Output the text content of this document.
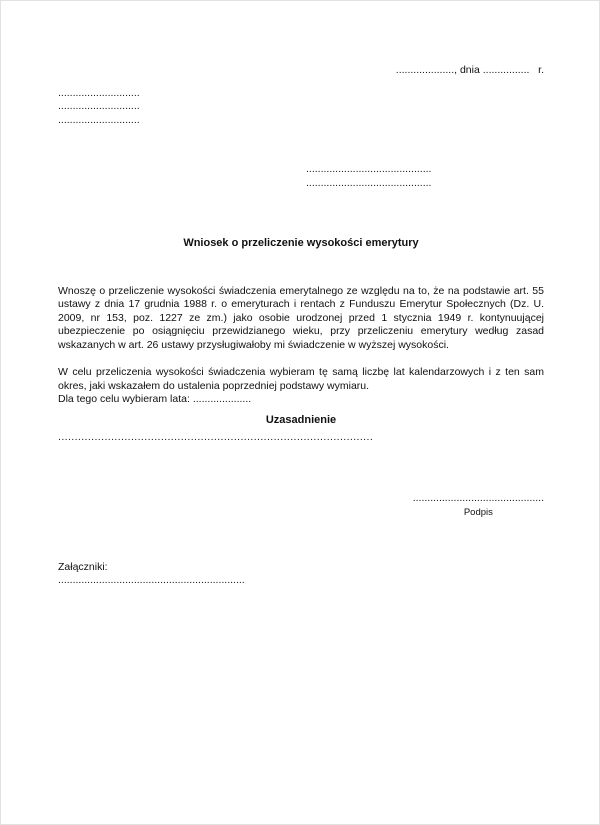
...................., dnia ................   r.
............................
............................
............................
...........................................
...........................................
Wniosek o przeliczenie wysokości emerytury
Wnoszę o przeliczenie wysokości świadczenia emerytalnego ze względu na to, że na podstawie art. 55 ustawy z dnia 17 grudnia 1988 r. o emeryturach i rentach z Funduszu Emerytur Społecznych (Dz. U. 2009, nr 153, poz. 1227 ze zm.) jako osobie urodzonej przed 1 stycznia 1949 r. kontynuującej ubezpieczenie po osiągnięciu przewidzianego wieku, przy przeliczeniu emerytury według zasad wskazanych w art. 26 ustawy przysługiwałoby mi świadczenie w wyższej wysokości.
W celu przeliczenia wysokości świadczenia wybieram tę samą liczbę lat kalendarzowych i z ten sam okres, jaki wskazałem do ustalenia poprzedniej podstawy wymiaru.
Dla tego celu wybieram lata: ....................
Uzasadnienie
...............................................................................................
.............................................
Podpis
Załączniki:
................................................................
